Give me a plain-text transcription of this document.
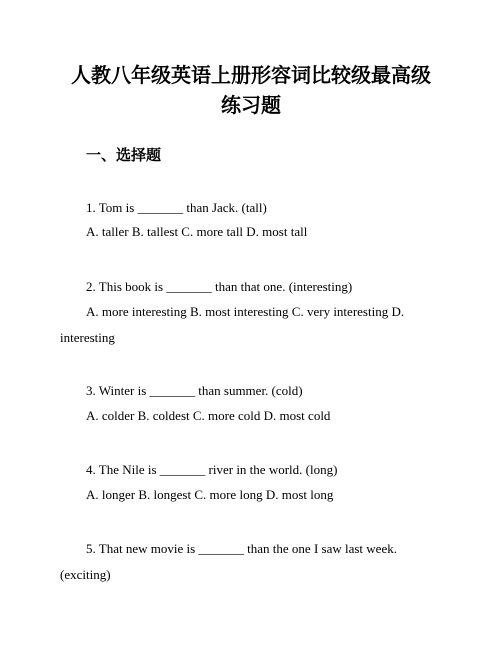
人教八年级英语上册形容词比较级最高级
练习题
一、选择题
1. Tom is _______ than Jack. (tall)
A. taller B. tallest C. more tall D. most tall
2. This book is _______ than that one. (interesting)
A. more interesting B. most interesting C. very interesting D.
interesting
3. Winter is _______ than summer. (cold)
A. colder B. coldest C. more cold D. most cold
4. The Nile is _______ river in the world. (long)
A. longer B. longest C. more long D. most long
5. That new movie is _______ than the one I saw last week.
(exciting)
